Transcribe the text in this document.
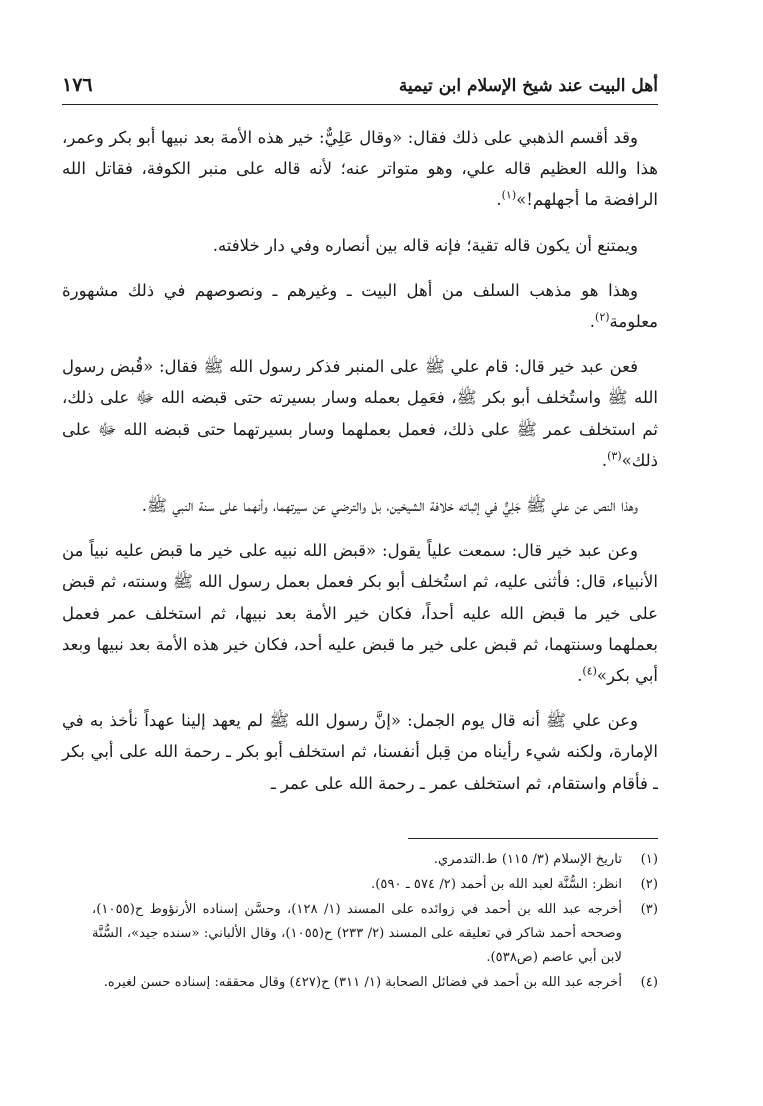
أهل البيت عند شيخ الإسلام ابن تيمية
١٧٦

وقد أقسم الذهبي على ذلك فقال: «وقال عَلِيٌّ: خير هذه الأمة بعد نبيها أبو بكر وعمر، هذا والله العظيم قاله علي، وهو متواتر عنه؛ لأنه قاله على منبر الكوفة، فقاتل الله الرافضة ما أجهلهم!»$^{(١)}$.

ويمتنع أن يكون قاله تقية؛ فإنه قاله بين أنصاره وفي دار خلافته.

وهذا هو مذهب السلف من أهل البيت ـ وغيرهم ـ ونصوصهم في ذلك مشهورة معلومة$^{(٢)}$.

فعن عبد خير قال: قام علي ﷺ على المنبر فذكر رسول الله ﷺ فقال: «قُبض رسول الله ﷺ واستُخلف أبو بكر ﷺ، فعَمِل بعمله وسار بسيرته حتى قبضه الله ﷻ على ذلك، ثم استخلف عمر ﷺ على ذلك، فعمل بعملهما وسار بسيرتهما حتى قبضه الله ﷻ على ذلك»$^{(٣)}$.

وهذا النص عن علي ﷺ جَلِيٌّ في إثباته خلافة الشيخين، بل والترضي عن سيرتهما، وأنهما على سنة النبي ﷺ.

وعن عبد خير قال: سمعت علياً يقول: «قبض الله نبيه على خير ما قبض عليه نبياً من الأنبياء، قال: فأثنى عليه، ثم استُخلف أبو بكر فعمل بعمل رسول الله ﷺ وسنته، ثم قبض على خير ما قبض الله عليه أحداً، فكان خير الأمة بعد نبيها، ثم استخلف عمر فعمل بعملهما وسنتهما، ثم قبض على خير ما قبض عليه أحد، فكان خير هذه الأمة بعد نبيها وبعد أبي بكر»$^{(٤)}$.

وعن علي ﷺ أنه قال يوم الجمل: «إنَّ رسول الله ﷺ لم يعهد إلينا عهداً نأخذ به في الإمارة، ولكنه شيء رأيناه من قِبل أنفسنا، ثم استخلف أبو بكر ـ رحمة الله على أبي بكر ـ فأقام واستقام، ثم استخلف عمر ـ رحمة الله على عمر ـ

(١)
تاريخ الإسلام (٣/ ١١٥) ط.التدمري.
(٢)
انظر: السُّنَّة لعبد الله بن أحمد (٢/ ٥٧٤ ـ ٥٩٠).
(٣)
أخرجه عبد الله بن أحمد في زوائده على المسند (١/ ١٢٨)، وحسَّن إسناده الأرنؤوط ح(١٠٥٥)، وصححه أحمد شاكر في تعليقه على المسند (٢/ ٢٣٣) ح(١٠٥٥)، وقال الألباني: «سنده جيد»، السُّنَّة لابن أبي عاصم (ص٥٣٨).
(٤)
أخرجه عبد الله بن أحمد في فضائل الصحابة (١/ ٣١١) ح(٤٢٧) وقال محققه: إسناده حسن لغيره.
